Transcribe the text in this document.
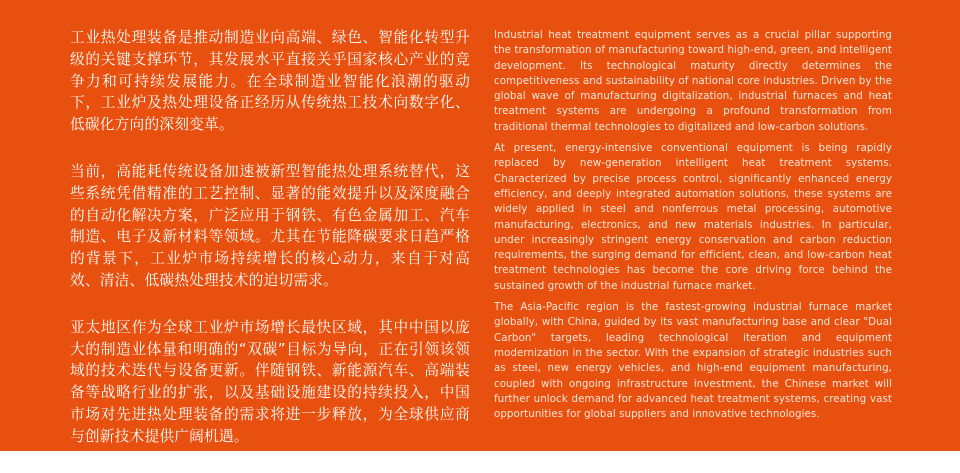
工业热处理装备是推动制造业向高端、绿色、智能化转型升级的关键支撑环节，其发展水平直接关乎国家核心产业的竞争力和可持续发展能力。在全球制造业智能化浪潮的驱动下，工业炉及热处理设备正经历从传统热工技术向数字化、低碳化方向的深刻变革。

当前，高能耗传统设备加速被新型智能热处理系统替代，这些系统凭借精准的工艺控制、显著的能效提升以及深度融合的自动化解决方案，广泛应用于钢铁、有色金属加工、汽车制造、电子及新材料等领域。尤其在节能降碳要求日趋严格的背景下，工业炉市场持续增长的核心动力，来自于对高效、清洁、低碳热处理技术的迫切需求。

亚太地区作为全球工业炉市场增长最快区域，其中中国以庞大的制造业体量和明确的“双碳”目标为导向，正在引领该领域的技术迭代与设备更新。伴随钢铁、新能源汽车、高端装备等战略行业的扩张，以及基础设施建设的持续投入，中国市场对先进热处理装备的需求将进一步释放，为全球供应商与创新技术提供广阔机遇。

Industrial heat treatment equipment serves as a crucial pillar supporting the transformation of manufacturing toward high-end, green, and intelligent development. Its technological maturity directly determines the competitiveness and sustainability of national core industries. Driven by the global wave of manufacturing digitalization, industrial furnaces and heat treatment systems are undergoing a profound transformation from traditional thermal technologies to digitalized and low-carbon solutions.

At present, energy-intensive conventional equipment is being rapidly replaced by new-generation intelligent heat treatment systems. Characterized by precise process control, significantly enhanced energy efficiency, and deeply integrated automation solutions, these systems are widely applied in steel and nonferrous metal processing, automotive manufacturing, electronics, and new materials industries. In particular, under increasingly stringent energy conservation and carbon reduction requirements, the surging demand for efficient, clean, and low-carbon heat treatment technologies has become the core driving force behind the sustained growth of the industrial furnace market.

The Asia-Pacific region is the fastest-growing industrial furnace market globally, with China, guided by its vast manufacturing base and clear "Dual Carbon" targets, leading technological iteration and equipment modernization in the sector. With the expansion of strategic industries such as steel, new energy vehicles, and high-end equipment manufacturing, coupled with ongoing infrastructure investment, the Chinese market will further unlock demand for advanced heat treatment systems, creating vast opportunities for global suppliers and innovative technologies.
